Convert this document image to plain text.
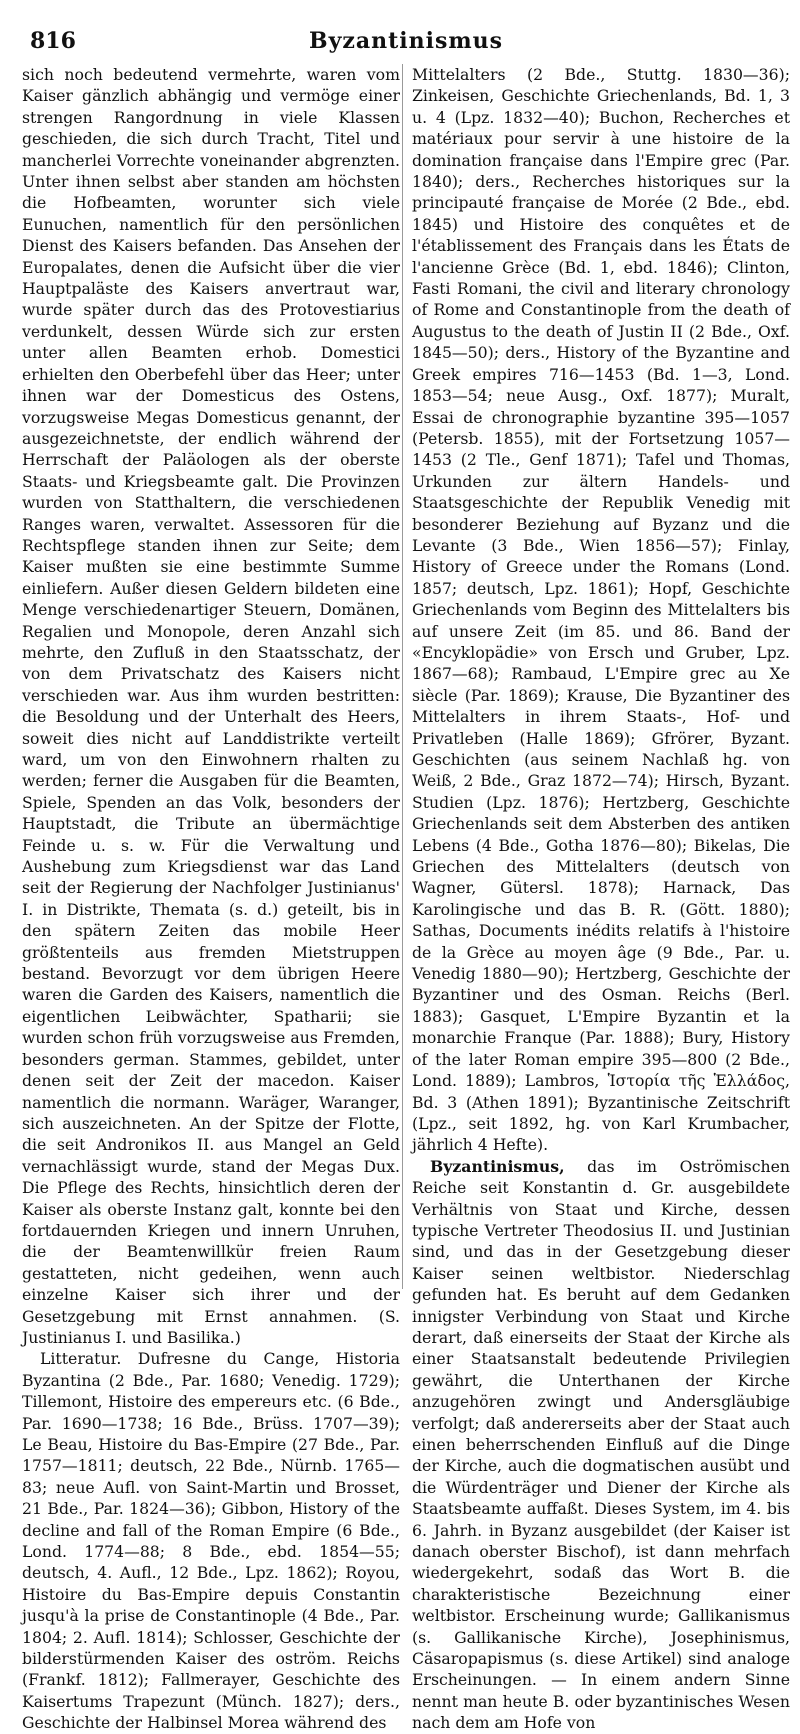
816	Byzantinismus

sich noch bedeutend vermehrte, waren vom Kaiser gänzlich abhängig und vermöge einer strengen Rangordnung in viele Klassen geschieden, die sich durch Tracht, Titel und mancherlei Vorrechte voneinander abgrenzten. Unter ihnen selbst aber standen am höchsten die Hofbeamten, worunter sich viele Eunuchen, namentlich für den persönlichen Dienst des Kaisers befanden. Das Ansehen der Europalates, denen die Aufsicht über die vier Hauptpaläste des Kaisers anvertraut war, wurde später durch das des Protovestiarius verdunkelt, dessen Würde sich zur ersten unter allen Beamten erhob. Domestici erhielten den Oberbefehl über das Heer; unter ihnen war der Domesticus des Ostens, vorzugsweise Megas Domesticus genannt, der ausgezeichnetste, der endlich während der Herrschaft der Paläologen als der oberste Staats- und Kriegsbeamte galt. Die Provinzen wurden von Statthaltern, die verschiedenen Ranges waren, verwaltet. Assessoren für die Rechtspflege standen ihnen zur Seite; dem Kaiser mußten sie eine bestimmte Summe einliefern. Außer diesen Geldern bildeten eine Menge verschiedenartiger Steuern, Domänen, Regalien und Monopole, deren Anzahl sich mehrte, den Zufluß in den Staatsschatz, der von dem Privatschatz des Kaisers nicht verschieden war. Aus ihm wurden bestritten: die Besoldung und der Unterhalt des Heers, soweit dies nicht auf Landdistrikte verteilt ward, um von den Einwohnern rhalten zu werden; ferner die Ausgaben für die Beamten, Spiele, Spenden an das Volk, besonders der Hauptstadt, die Tribute an übermächtige Feinde u. s. w. Für die Verwaltung und Aushebung zum Kriegsdienst war das Land seit der Regierung der Nachfolger Justinianus' I. in Distrikte, Themata (s. d.) geteilt, bis in den spätern Zeiten das mobile Heer größtenteils aus fremden Mietstruppen bestand. Bevorzugt vor dem übrigen Heere waren die Garden des Kaisers, namentlich die eigentlichen Leibwächter, Spatharii; sie wurden schon früh vorzugsweise aus Fremden, besonders german. Stammes, gebildet, unter denen seit der Zeit der macedon. Kaiser namentlich die normann. Waräger, Waranger, sich auszeichneten. An der Spitze der Flotte, die seit Andronikos II. aus Mangel an Geld vernachlässigt wurde, stand der Megas Dux. Die Pflege des Rechts, hinsichtlich deren der Kaiser als oberste Instanz galt, konnte bei den fortdauernden Kriegen und innern Unruhen, die der Beamtenwillkür freien Raum gestatteten, nicht gedeihen, wenn auch einzelne Kaiser sich ihrer und der Gesetzgebung mit Ernst annahmen. (S. Justinianus I. und Basilika.)

Litteratur. Dufresne du Cange, Historia Byzantina (2 Bde., Par. 1680; Venedig. 1729); Tillemont, Histoire des empereurs etc. (6 Bde., Par. 1690—1738; 16 Bde., Brüss. 1707—39); Le Beau, Histoire du Bas-Empire (27 Bde., Par. 1757—1811; deutsch, 22 Bde., Nürnb. 1765—83; neue Aufl. von Saint-Martin und Brosset, 21 Bde., Par. 1824—36); Gibbon, History of the decline and fall of the Roman Empire (6 Bde., Lond. 1774—88; 8 Bde., ebd. 1854—55; deutsch, 4. Aufl., 12 Bde., Lpz. 1862); Royou, Histoire du Bas-Empire depuis Constantin jusqu'à la prise de Constantinople (4 Bde., Par. 1804; 2. Aufl. 1814); Schlosser, Geschichte der bilderstürmenden Kaiser des oström. Reichs (Frankf. 1812); Fallmerayer, Geschichte des Kaisertums Trapezunt (Münch. 1827); ders., Geschichte der Halbinsel Morea während des

Mittelalters (2 Bde., Stuttg. 1830—36); Zinkeisen, Geschichte Griechenlands, Bd. 1, 3 u. 4 (Lpz. 1832—40); Buchon, Recherches et matériaux pour servir à une histoire de la domination française dans l'Empire grec (Par. 1840); ders., Recherches historiques sur la principauté française de Morée (2 Bde., ebd. 1845) und Histoire des conquêtes et de l'établissement des Français dans les États de l'ancienne Grèce (Bd. 1, ebd. 1846); Clinton, Fasti Romani, the civil and literary chronology of Rome and Constantinople from the death of Augustus to the death of Justin II (2 Bde., Oxf. 1845—50); ders., History of the Byzantine and Greek empires 716—1453 (Bd. 1—3, Lond. 1853—54; neue Ausg., Oxf. 1877); Muralt, Essai de chronographie byzantine 395—1057 (Petersb. 1855), mit der Fortsetzung 1057—1453 (2 Tle., Genf 1871); Tafel und Thomas, Urkunden zur ältern Handels- und Staatsgeschichte der Republik Venedig mit besonderer Beziehung auf Byzanz und die Levante (3 Bde., Wien 1856—57); Finlay, History of Greece under the Romans (Lond. 1857; deutsch, Lpz. 1861); Hopf, Geschichte Griechenlands vom Beginn des Mittelalters bis auf unsere Zeit (im 85. und 86. Band der «Encyklopädie» von Ersch und Gruber, Lpz. 1867—68); Rambaud, L'Empire grec au Xe siècle (Par. 1869); Krause, Die Byzantiner des Mittelalters in ihrem Staats-, Hof- und Privatleben (Halle 1869); Gfrörer, Byzant. Geschichten (aus seinem Nachlaß hg. von Weiß, 2 Bde., Graz 1872—74); Hirsch, Byzant. Studien (Lpz. 1876); Hertzberg, Geschichte Griechenlands seit dem Absterben des antiken Lebens (4 Bde., Gotha 1876—80); Bikelas, Die Griechen des Mittelalters (deutsch von Wagner, Gütersl. 1878); Harnack, Das Karolingische und das B. R. (Gött. 1880); Sathas, Documents inédits relatifs à l'histoire de la Grèce au moyen âge (9 Bde., Par. u. Venedig 1880—90); Hertzberg, Geschichte der Byzantiner und des Osman. Reichs (Berl. 1883); Gasquet, L'Empire Byzantin et la monarchie Franque (Par. 1888); Bury, History of the later Roman empire 395—800 (2 Bde., Lond. 1889); Lambros, Ἱστορία τῆς Ἑλλάδος, Bd. 3 (Athen 1891); Byzantinische Zeitschrift (Lpz., seit 1892, hg. von Karl Krumbacher, jährlich 4 Hefte).

Byzantinismus, das im Oströmischen Reiche seit Konstantin d. Gr. ausgebildete Verhältnis von Staat und Kirche, dessen typische Vertreter Theodosius II. und Justinian sind, und das in der Gesetzgebung dieser Kaiser seinen weltbistor. Niederschlag gefunden hat. Es beruht auf dem Gedanken innigster Verbindung von Staat und Kirche derart, daß einerseits der Staat der Kirche als einer Staatsanstalt bedeutende Privilegien gewährt, die Unterthanen der Kirche anzugehören zwingt und Andersgläubige verfolgt; daß andererseits aber der Staat auch einen beherrschenden Einfluß auf die Dinge der Kirche, auch die dogmatischen ausübt und die Würdenträger und Diener der Kirche als Staatsbeamte auffaßt. Dieses System, im 4. bis 6. Jahrh. in Byzanz ausgebildet (der Kaiser ist danach oberster Bischof), ist dann mehrfach wiedergekehrt, sodaß das Wort B. die charakteristische Bezeichnung einer weltbistor. Erscheinung wurde; Gallikanismus (s. Gallikanische Kirche), Josephinismus, Cäsaropapismus (s. diese Artikel) sind analoge Erscheinungen. — In einem andern Sinne nennt man heute B. oder byzantinisches Wesen nach dem am Hofe von
